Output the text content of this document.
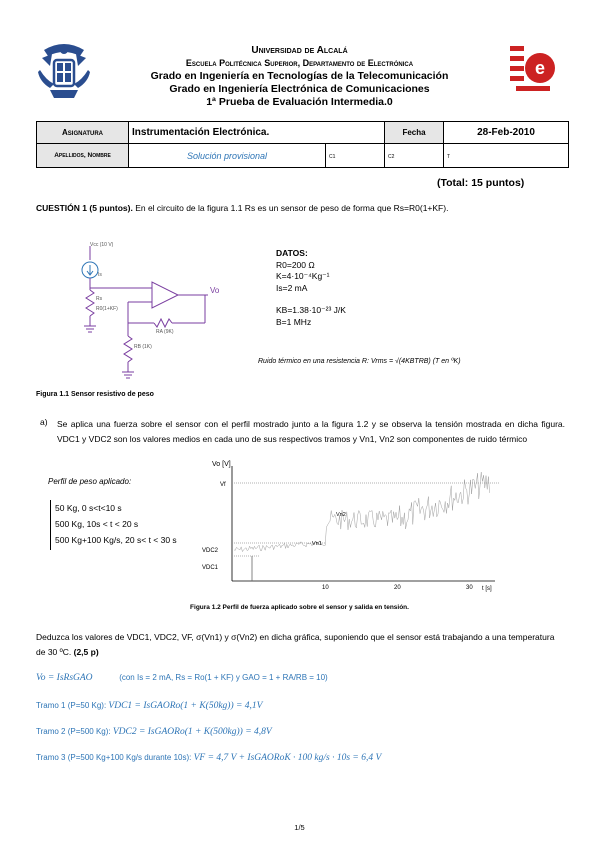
e
Universidad de Alcalá
Escuela Politécnica Superior, Departamento de Electrónica
Grado en Ingeniería en Tecnologías de la Telecomunicación
Grado en Ingeniería Electrónica de Comunicaciones
1ª Prueba de Evaluación Intermedia.0
Asignatura	Instrumentación Electrónica.		Fecha	28-Feb-2010
Apellidos, Nombre	Solución provisional	C1	C2	T
(Total: 15 puntos)
CUESTIÓN 1 (5 puntos). En el circuito de la figura 1.1 Rs es un sensor de peso de forma que Rs=R0(1+KF).
Vcc (10 V)
Is
Rs
R0(1+KF)
Vo
RA (9K)
RB (1K)
DATOS:
R0=200 Ω
K=4·10⁻⁴Kg⁻¹
Is=2 mA
KB=1.38·10⁻²³ J/K
B=1 MHz
Ruido térmico en una resistencia R: Vrms = √(4KBTRB) (T en ºK)
Figura 1.1 Sensor resistivo de peso
a) Se aplica una fuerza sobre el sensor con el perfil mostrado junto a la figura 1.2 y se observa la tensión mostrada en dicha figura. VDC1 y VDC2 son los valores medios en cada uno de sus respectivos tramos y Vn1, Vn2 son componentes de ruido térmico
Perfil de peso aplicado:
50 Kg, 0 s<t<10 s
500 Kg, 10s < t < 20 s
500 Kg+100 Kg/s, 20 s< t < 30 s
Vo [V]
t [s]
Vf
VDC2
VDC1
Vn1
Vn2
10	20	30
Figura 1.2 Perfil de fuerza aplicado sobre el sensor y salida en tensión.
Deduzca los valores de VDC1, VDC2, VF, σ(Vn1) y σ(Vn2) en dicha gráfica, suponiendo que el sensor está trabajando a una temperatura de 30 ºC. (2,5 p)
Vo = IsRsGAO	(con Is = 2 mA, Rs = Ro(1 + KF) y GAO = 1 + RA/RB = 10)
Tramo 1 (P=50 Kg): VDC1 = IsGAORo(1 + K(50kg)) = 4,1V
Tramo 2 (P=500 Kg): VDC2 = IsGAORo(1 + K(500kg)) = 4,8V
Tramo 3 (P=500 Kg+100 Kg/s durante 10s): VF = 4,7 V + IsGAORoK · 100 kg/s · 10s = 6,4 V
1/5
